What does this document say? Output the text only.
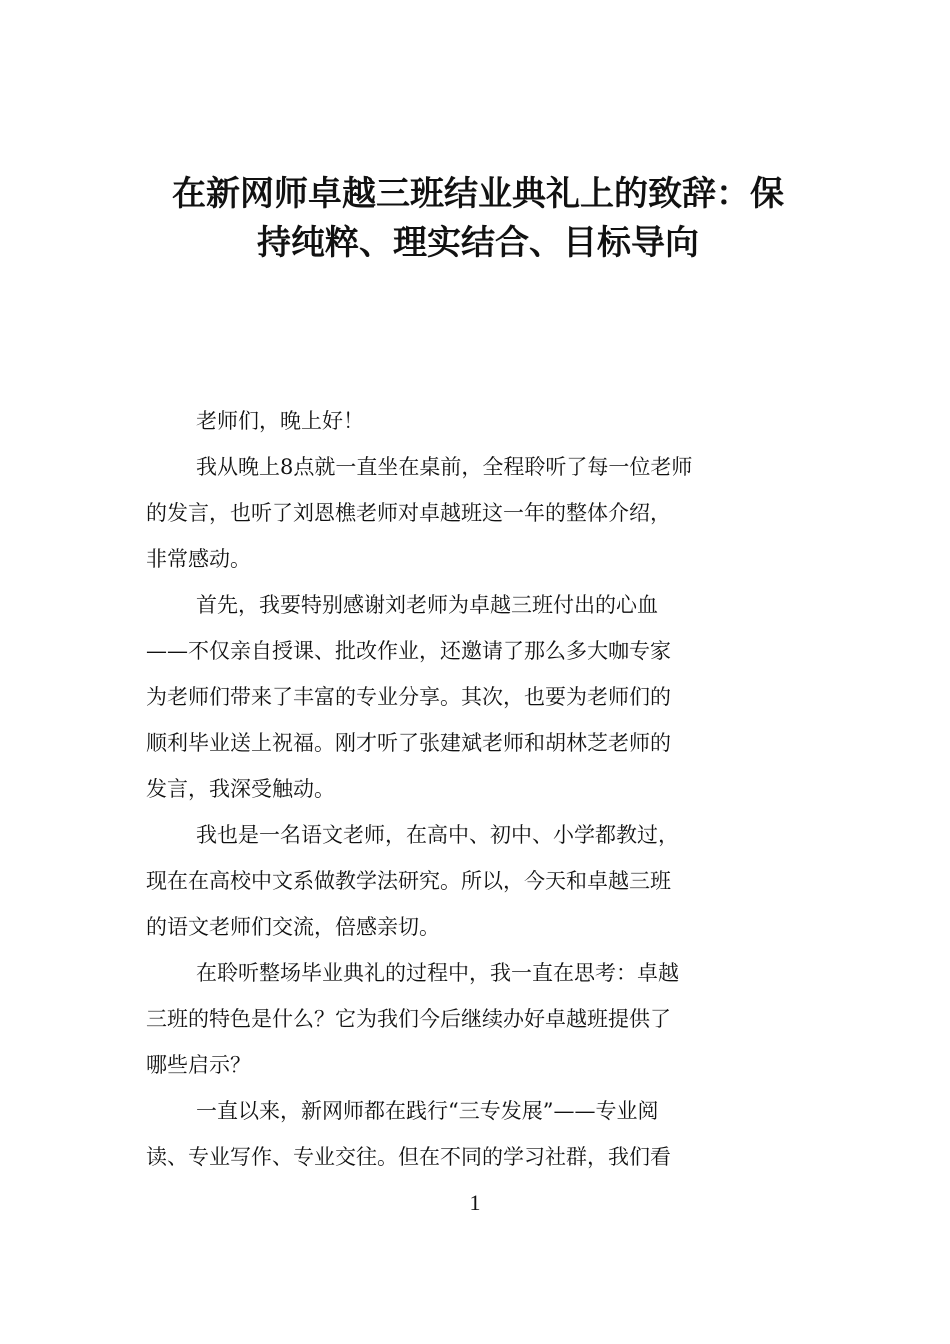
在新网师卓越三班结业典礼上的致辞：保
持纯粹、理实结合、目标导向
老师们，晚上好！
我从晚上8点就一直坐在桌前，全程聆听了每一位老师
的发言，也听了刘恩樵老师对卓越班这一年的整体介绍，
非常感动。
首先，我要特别感谢刘老师为卓越三班付出的心血
——不仅亲自授课、批改作业，还邀请了那么多大咖专家
为老师们带来了丰富的专业分享。其次，也要为老师们的
顺利毕业送上祝福。刚才听了张建斌老师和胡林芝老师的
发言，我深受触动。
我也是一名语文老师，在高中、初中、小学都教过，
现在在高校中文系做教学法研究。所以，今天和卓越三班
的语文老师们交流，倍感亲切。
在聆听整场毕业典礼的过程中，我一直在思考：卓越
三班的特色是什么？它为我们今后继续办好卓越班提供了
哪些启示？
一直以来，新网师都在践行“三专发展”——专业阅
读、专业写作、专业交往。但在不同的学习社群，我们看
1
